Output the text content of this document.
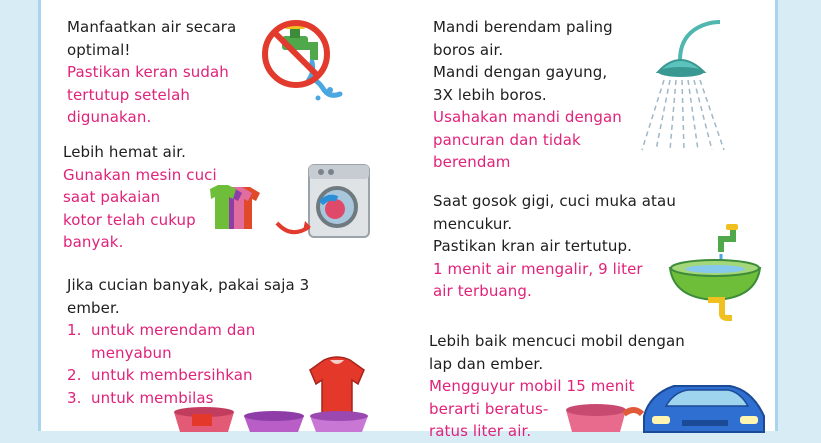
Manfaatkan air secara
optimal!
Pastikan keran sudah
tertutup setelah
digunakan.
Lebih hemat air.
Gunakan mesin cuci
saat pakaian
kotor telah cukup
banyak.
Jika cucian banyak, pakai saja 3
ember.
1. untuk merendam dan
menyabun
2. untuk membersihkan
3. untuk membilas
Mandi berendam paling
boros air.
Mandi dengan gayung,
3X lebih boros.
Usahakan mandi dengan
pancuran dan tidak
berendam
Saat gosok gigi, cuci muka atau
mencukur.
Pastikan kran air tertutup.
1 menit air mengalir, 9 liter
air terbuang.
Lebih baik mencuci mobil dengan
lap dan ember.
Mengguyur mobil 15 menit
berarti beratus-
ratus liter air.
